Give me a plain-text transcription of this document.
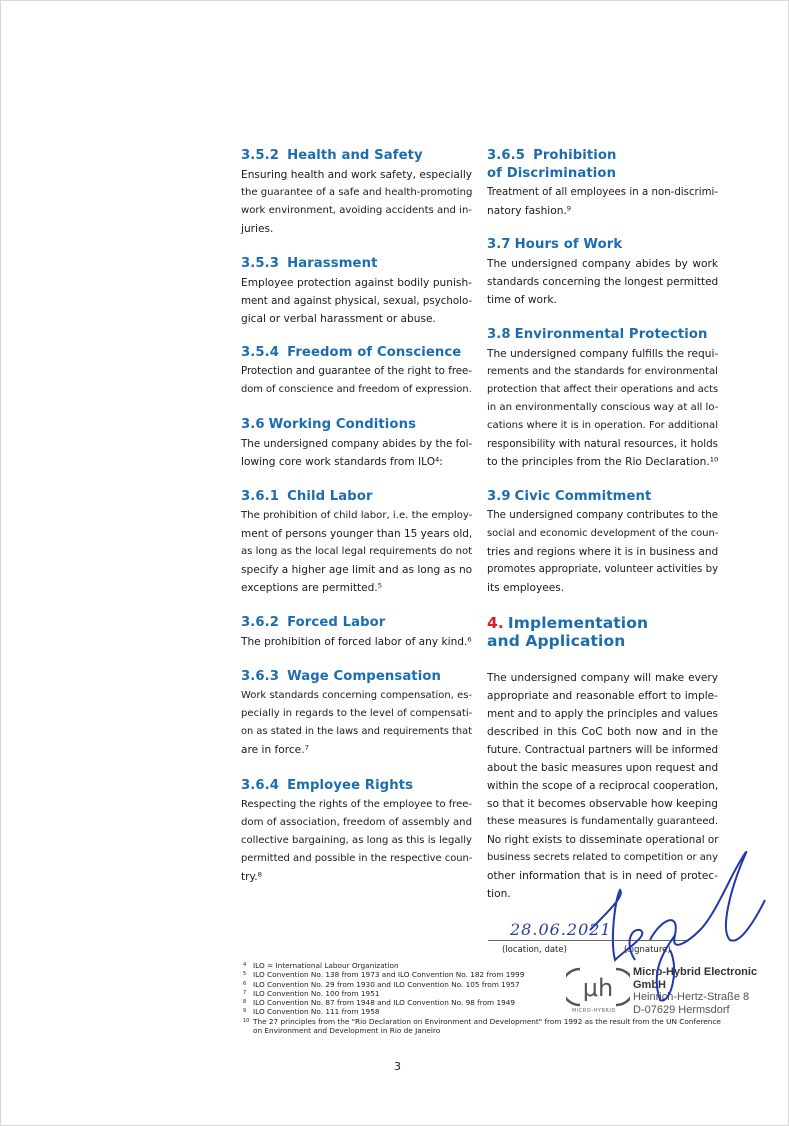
3.5.2 Health and Safety
Ensuring health and work safety, especially
the guarantee of a safe and health-promoting
work environment, avoiding accidents and in-
juries.
3.5.3 Harassment
Employee protection against bodily punish-
ment and against physical, sexual, psycholo-
gical or verbal harassment or abuse.
3.5.4 Freedom of Conscience
Protection and guarantee of the right to free-
dom of conscience and freedom of expression.
3.6 Working Conditions
The undersigned company abides by the fol-
lowing core work standards from ILO⁴:
3.6.1 Child Labor
The prohibition of child labor, i.e. the employ-
ment of persons younger than 15 years old,
as long as the local legal requirements do not
specify a higher age limit and as long as no
exceptions are permitted.⁵
3.6.2 Forced Labor
The prohibition of forced labor of any kind.⁶
3.6.3 Wage Compensation
Work standards concerning compensation, es-
pecially in regards to the level of compensati-
on as stated in the laws and requirements that
are in force.⁷
3.6.4 Employee Rights
Respecting the rights of the employee to free-
dom of association, freedom of assembly and
collective bargaining, as long as this is legally
permitted and possible in the respective coun-
try.⁸
3.6.5 Prohibition
of Discrimination
Treatment of all employees in a non-discrimi-
natory fashion.⁹
3.7 Hours of Work
The undersigned company abides by work
standards concerning the longest permitted
time of work.
3.8 Environmental Protection
The undersigned company fulfills the requi-
rements and the standards for environmental
protection that affect their operations and acts
in an environmentally conscious way at all lo-
cations where it is in operation. For additional
responsibility with natural resources, it holds
to the principles from the Rio Declaration.¹⁰
3.9 Civic Commitment
The undersigned company contributes to the
social and economic development of the coun-
tries and regions where it is in business and
promotes appropriate, volunteer activities by
its employees.
4. Implementation
and Application
The undersigned company will make every
appropriate and reasonable effort to imple-
ment and to apply the principles and values
described in this CoC both now and in the
future. Contractual partners will be informed
about the basic measures upon request and
within the scope of a reciprocal cooperation,
so that it becomes observable how keeping
these measures is fundamentally guaranteed.
No right exists to disseminate operational or
business secrets related to competition or any
other information that is in need of protec-
tion.
28.06.2021
(location, date)	(signature)
μh
MICRO-HYBRID
Micro-Hybrid Electronic GmbH
Heinrich-Hertz-Straße 8
D-07629 Hermsdorf
4 ILO = International Labour Organization
5 ILO Convention No. 138 from 1973 and ILO Convention No. 182 from 1999
6 ILO Convention No. 29 from 1930 and ILO Convention No. 105 from 1957
7 ILO Convention No. 100 from 1951
8 ILO Convention No. 87 from 1948 and ILO Convention No. 98 from 1949
9 ILO Convention No. 111 from 1958
10 The 27 principles from the "Rio Declaration on Environment and Development" from 1992 as the result from the UN Conference
on Environment and Development in Rio de Janeiro
3
